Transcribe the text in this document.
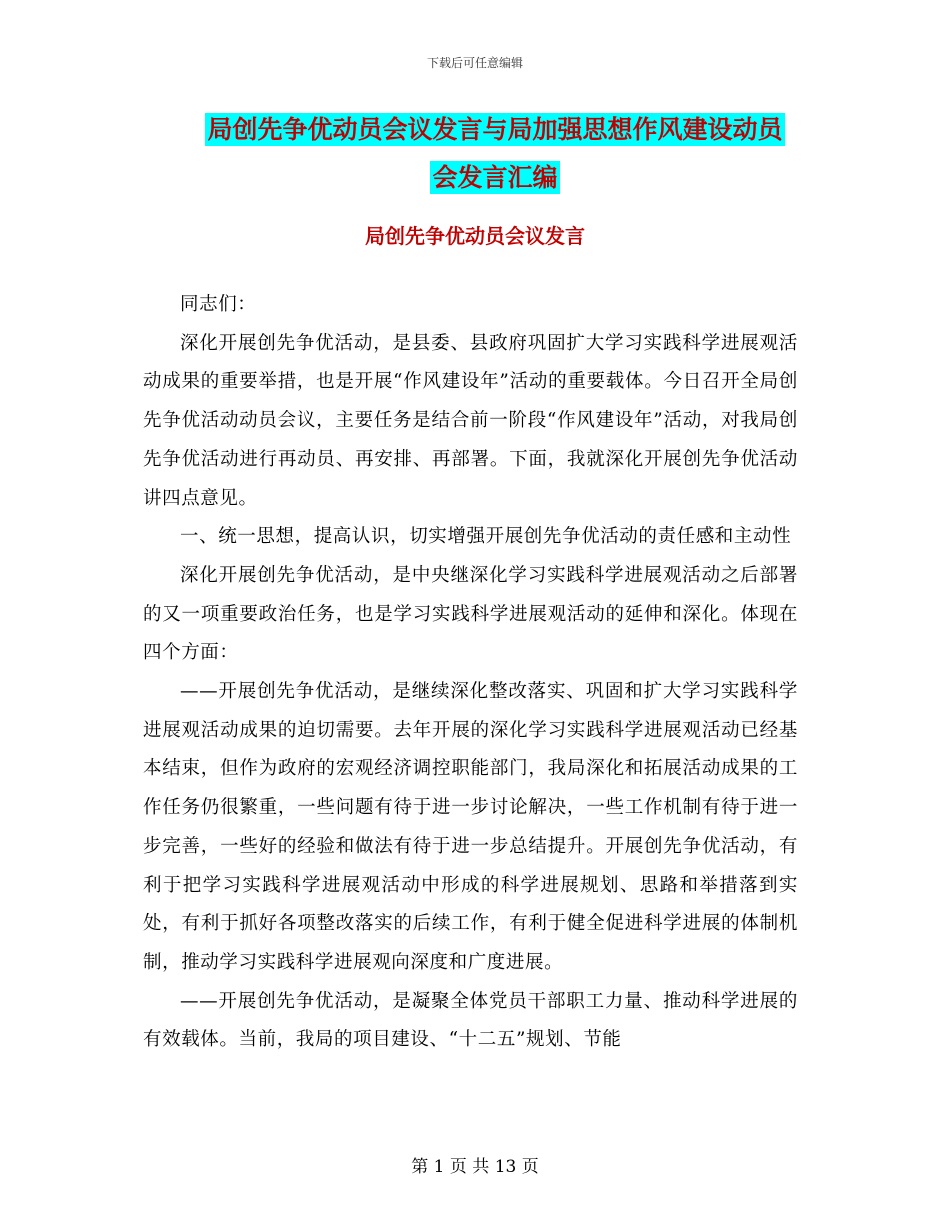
下载后可任意编辑
局创先争优动员会议发言与局加强思想作风建设动员
会发言汇编
局创先争优动员会议发言

同志们：

深化开展创先争优活动，是县委、县政府巩固扩大学习实践科学进展观活动成果的重要举措，也是开展“作风建设年”活动的重要载体。今日召开全局创先争优活动动员会议，主要任务是结合前一阶段“作风建设年”活动，对我局创先争优活动进行再动员、再安排、再部署。下面，我就深化开展创先争优活动讲四点意见。

一、统一思想，提高认识，切实增强开展创先争优活动的责任感和主动性

深化开展创先争优活动，是中央继深化学习实践科学进展观活动之后部署的又一项重要政治任务，也是学习实践科学进展观活动的延伸和深化。体现在四个方面：

——开展创先争优活动，是继续深化整改落实、巩固和扩大学习实践科学进展观活动成果的迫切需要。去年开展的深化学习实践科学进展观活动已经基本结束，但作为政府的宏观经济调控职能部门，我局深化和拓展活动成果的工作任务仍很繁重，一些问题有待于进一步讨论解决，一些工作机制有待于进一步完善，一些好的经验和做法有待于进一步总结提升。开展创先争优活动，有利于把学习实践科学进展观活动中形成的科学进展规划、思路和举措落到实处，有利于抓好各项整改落实的后续工作，有利于健全促进科学进展的体制机制，推动学习实践科学进展观向深度和广度进展。

——开展创先争优活动，是凝聚全体党员干部职工力量、推动科学进展的有效载体。当前，我局的项目建设、“十二五”规划、节能

第 1 页 共 13 页
